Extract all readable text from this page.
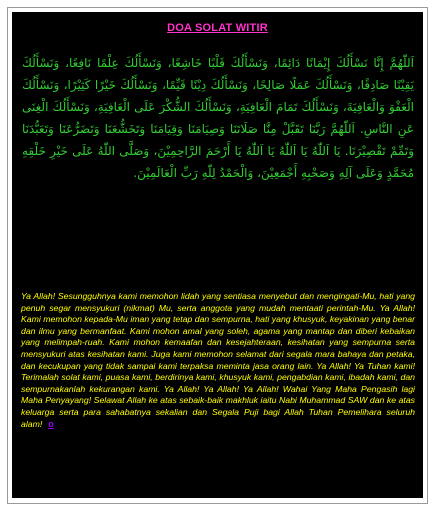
DOA SOLAT WITIR
اَللّٰهُمَّ إِنَّا نَسْأَلُكَ إِيْمَانًا دَائِمًا، وَنَسْأَلُكَ قَلْبًا خَاشِعًا، وَنَسْأَلُكَ عِلْمًا نَافِعًا، وَنَسْأَلُكَ يَقِيْنًا صَادِقًا، وَنَسْأَلُكَ عَمَلًا صَالِحًا، وَنَسْأَلُكَ دِيْنًا قَيِّمًا، وَنَسْأَلُكَ خَيْرًا كَثِيْرًا، وَنَسْأَلُكَ الْعَفْوَ وَالْعَافِيَةَ، وَنَسْأَلُكَ تَمَامَ الْعَافِيَةِ، وَنَسْأَلُكَ الشُّكْرَ عَلَى الْعَافِيَةِ، وَنَسْأَلُكَ الْغِنَى عَنِ النَّاسِ. اَللّٰهُمَّ رَبَّنَا تَقَبَّلْ مِنَّا صَلَاتَنَا وَصِيَامَنَا وَقِيَامَنَا وَتَخَشُّعَنَا وَتَضَرُّعَنَا وَتَعَبُّدَنَا وَتَمِّمْ تَقْصِيْرَنَا. يَا اَللّٰهُ يَا اَللّٰهُ يَا اَللّٰهُ يَا أَرْحَمَ الرَّاحِمِيْنَ، وَصَلَّى اللّٰهُ عَلَى خَيْرِ خَلْقِهِ مُحَمَّدٍ وَعَلَى آلِهِ وَصَحْبِهِ أَجْمَعِيْنَ، وَالْحَمْدُ لِلّٰهِ رَبِّ الْعَالَمِيْنَ.

Ya Allah! Sesungguhnya kami memohon lidah yang sentiasa menyebut dan mengingati-Mu, hati yang penuh segar mensyukuri (nikmat) Mu, serta anggota yang mudah mentaati perintah-Mu. Ya Allah! Kami memohon kepada-Mu iman yang tetap dan sempurna, hati yang khusyuk, keyakinan yang benar dan ilmu yang bermanfaat. Kami mohon amal yang soleh, agama yang mantap dan diberi kebaikan yang melimpah-ruah. Kami mohon kemaafan dan kesejahteraan, kesihatan yang sempurna serta mensyukuri atas kesihatan kami. Juga kami memohon selamat dari segala mara bahaya dan petaka, dan kecukupan yang tidak sampai kami terpaksa meminta jasa orang lain. Ya Allah! Ya Tuhan kami! Terimalah solat kami, puasa kami, berdirinya kami, khusyuk kami, pengabdian kami, ibadah kami, dan sempurnakanlah kekurangan kami. Ya Allah! Ya Allah! Ya Allah! Wahai Yang Maha Pengasih lagi Maha Penyayang! Selawat Allah ke atas sebaik-baik makhluk iaitu Nabi Muhammad SAW dan ke atas keluarga serta para sahabatnya sekalian dan Segala Puji bagi Allah Tuhan Pemelihara seluruh alam! o
